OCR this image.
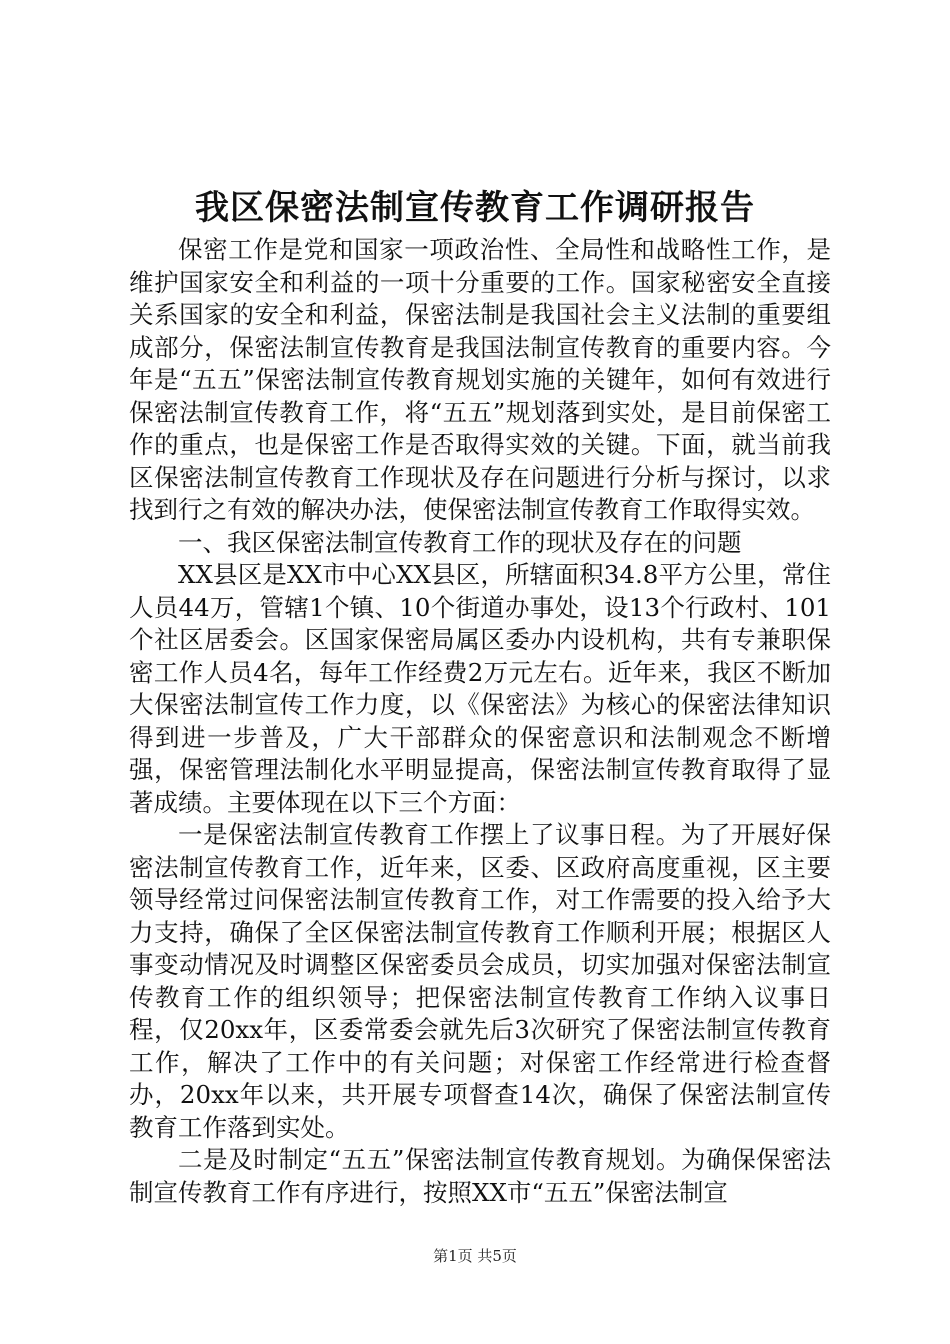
我区保密法制宣传教育工作调研报告

保密工作是党和国家一项政治性、全局性和战略性工作，是维护国家安全和利益的一项十分重要的工作。国家秘密安全直接关系国家的安全和利益，保密法制是我国社会主义法制的重要组成部分，保密法制宣传教育是我国法制宣传教育的重要内容。今年是“五五”保密法制宣传教育规划实施的关键年，如何有效进行保密法制宣传教育工作，将“五五”规划落到实处，是目前保密工作的重点，也是保密工作是否取得实效的关键。下面，就当前我区保密法制宣传教育工作现状及存在问题进行分析与探讨，以求找到行之有效的解决办法，使保密法制宣传教育工作取得实效。

一、我区保密法制宣传教育工作的现状及存在的问题

XX县区是XX市中心XX县区，所辖面积34.8平方公里，常住人员44万，管辖1个镇、10个街道办事处，设13个行政村、101个社区居委会。区国家保密局属区委办内设机构，共有专兼职保密工作人员4名，每年工作经费2万元左右。近年来，我区不断加大保密法制宣传工作力度，以《保密法》为核心的保密法律知识得到进一步普及，广大干部群众的保密意识和法制观念不断增强，保密管理法制化水平明显提高，保密法制宣传教育取得了显著成绩。主要体现在以下三个方面：

一是保密法制宣传教育工作摆上了议事日程。为了开展好保密法制宣传教育工作，近年来，区委、区政府高度重视，区主要领导经常过问保密法制宣传教育工作，对工作需要的投入给予大力支持，确保了全区保密法制宣传教育工作顺利开展；根据区人事变动情况及时调整区保密委员会成员，切实加强对保密法制宣传教育工作的组织领导；把保密法制宣传教育工作纳入议事日程，仅20xx年，区委常委会就先后3次研究了保密法制宣传教育工作，解决了工作中的有关问题；对保密工作经常进行检查督办，20xx年以来，共开展专项督查14次，确保了保密法制宣传教育工作落到实处。

二是及时制定“五五”保密法制宣传教育规划。为确保保密法制宣传教育工作有序进行，按照XX市“五五”保密法制宣

第1页 共5页
